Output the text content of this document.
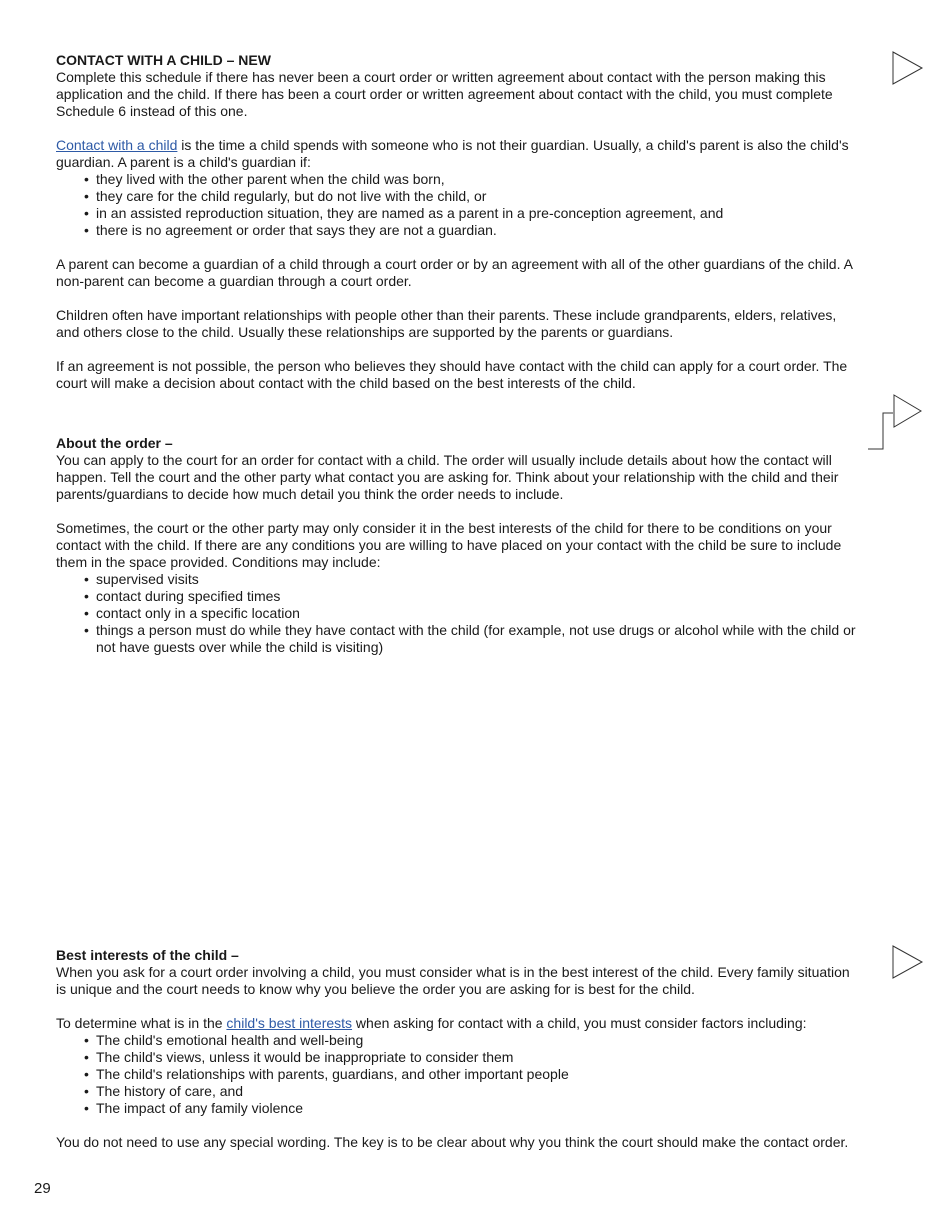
CONTACT WITH A CHILD – NEW

Complete this schedule if there has never been a court order or written agreement about contact with the person making this application and the child. If there has been a court order or written agreement about contact with the child, you must complete Schedule 6 instead of this one.

Contact with a child is the time a child spends with someone who is not their guardian. Usually, a child's parent is also the child's guardian. A parent is a child's guardian if:

• they lived with the other parent when the child was born,
• they care for the child regularly, but do not live with the child, or
• in an assisted reproduction situation, they are named as a parent in a pre-conception agreement, and
• there is no agreement or order that says they are not a guardian.

A parent can become a guardian of a child through a court order or by an agreement with all of the other guardians of the child. A non-parent can become a guardian through a court order.

Children often have important relationships with people other than their parents. These include grandparents, elders, relatives, and others close to the child. Usually these relationships are supported by the parents or guardians.

If an agreement is not possible, the person who believes they should have contact with the child can apply for a court order. The court will make a decision about contact with the child based on the best interests of the child.

About the order –

You can apply to the court for an order for contact with a child. The order will usually include details about how the contact will happen. Tell the court and the other party what contact you are asking for. Think about your relationship with the child and their parents/guardians to decide how much detail you think the order needs to include.

Sometimes, the court or the other party may only consider it in the best interests of the child for there to be conditions on your contact with the child. If there are any conditions you are willing to have placed on your contact with the child be sure to include them in the space provided. Conditions may include:

• supervised visits
• contact during specified times
• contact only in a specific location
• things a person must do while they have contact with the child (for example, not use drugs or alcohol while with the child or not have guests over while the child is visiting)

Best interests of the child –

When you ask for a court order involving a child, you must consider what is in the best interest of the child. Every family situation is unique and the court needs to know why you believe the order you are asking for is best for the child.

To determine what is in the child's best interests when asking for contact with a child, you must consider factors including:

• The child's emotional health and well-being
• The child's views, unless it would be inappropriate to consider them
• The child's relationships with parents, guardians, and other important people
• The history of care, and
• The impact of any family violence

You do not need to use any special wording. The key is to be clear about why you think the court should make the contact order.

29
